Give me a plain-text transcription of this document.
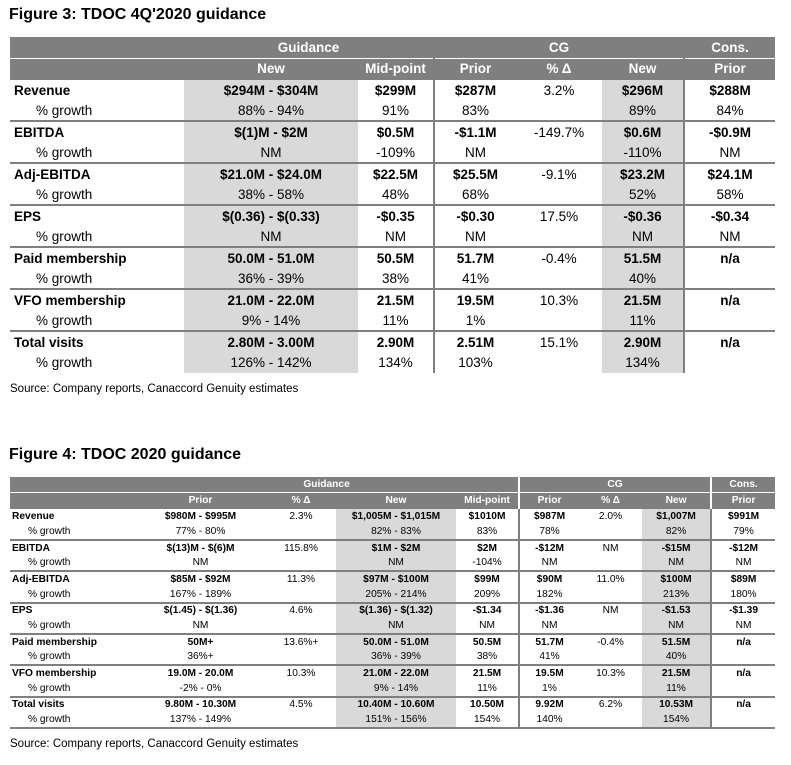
Figure 3: TDOC 4Q'2020 guidance
	Guidance		CG			Cons.
	New	Mid-point	Prior	% Δ	New	Prior
Revenue	$294M - $304M	$299M	$287M	3.2%	$296M	$288M
% growth	88% - 94%	91%	83%		89%	84%
EBITDA	$(1)M - $2M	$0.5M	-$1.1M	-149.7%	$0.6M	-$0.9M
% growth	NM	-109%	NM		-110%	NM
Adj-EBITDA	$21.0M - $24.0M	$22.5M	$25.5M	-9.1%	$23.2M	$24.1M
% growth	38% - 58%	48%	68%		52%	58%
EPS	$(0.36) - $(0.33)	-$0.35	-$0.30	17.5%	-$0.36	-$0.34
% growth	NM	NM	NM		NM	NM
Paid membership	50.0M - 51.0M	50.5M	51.7M	-0.4%	51.5M	n/a
% growth	36% - 39%	38%	41%		40%	
VFO membership	21.0M - 22.0M	21.5M	19.5M	10.3%	21.5M	n/a
% growth	9% - 14%	11%	1%		11%	
Total visits	2.80M - 3.00M	2.90M	2.51M	15.1%	2.90M	n/a
% growth	126% - 142%	134%	103%		134%	
Source: Company reports, Canaccord Genuity estimates
Figure 4: TDOC 2020 guidance
	Guidance				CG			Cons.
	Prior	% Δ	New	Mid-point	Prior	% Δ	New	Prior
Revenue	$980M - $995M	2.3%	$1,005M - $1,015M	$1010M	$987M	2.0%	$1,007M	$991M
% growth	77% - 80%		82% - 83%	83%	78%		82%	79%
EBITDA	$(13)M - $(6)M	115.8%	$1M - $2M	$2M	-$12M	NM	-$15M	-$12M
% growth	NM		NM	-104%	NM		NM	NM
Adj-EBITDA	$85M - $92M	11.3%	$97M - $100M	$99M	$90M	11.0%	$100M	$89M
% growth	167% - 189%		205% - 214%	209%	182%		213%	180%
EPS	$(1.45) - $(1.36)	4.6%	$(1.36) - $(1.32)	-$1.34	-$1.36	NM	-$1.53	-$1.39
% growth	NM		NM	NM	NM		NM	NM
Paid membership	50M+	13.6%+	50.0M - 51.0M	50.5M	51.7M	-0.4%	51.5M	n/a
% growth	36%+		36% - 39%	38%	41%		40%	
VFO membership	19.0M - 20.0M	10.3%	21.0M - 22.0M	21.5M	19.5M	10.3%	21.5M	n/a
% growth	-2% - 0%		9% - 14%	11%	1%		11%	
Total visits	9.80M - 10.30M	4.5%	10.40M - 10.60M	10.50M	9.92M	6.2%	10.53M	n/a
% growth	137% - 149%		151% - 156%	154%	140%		154%	
Source: Company reports, Canaccord Genuity estimates
